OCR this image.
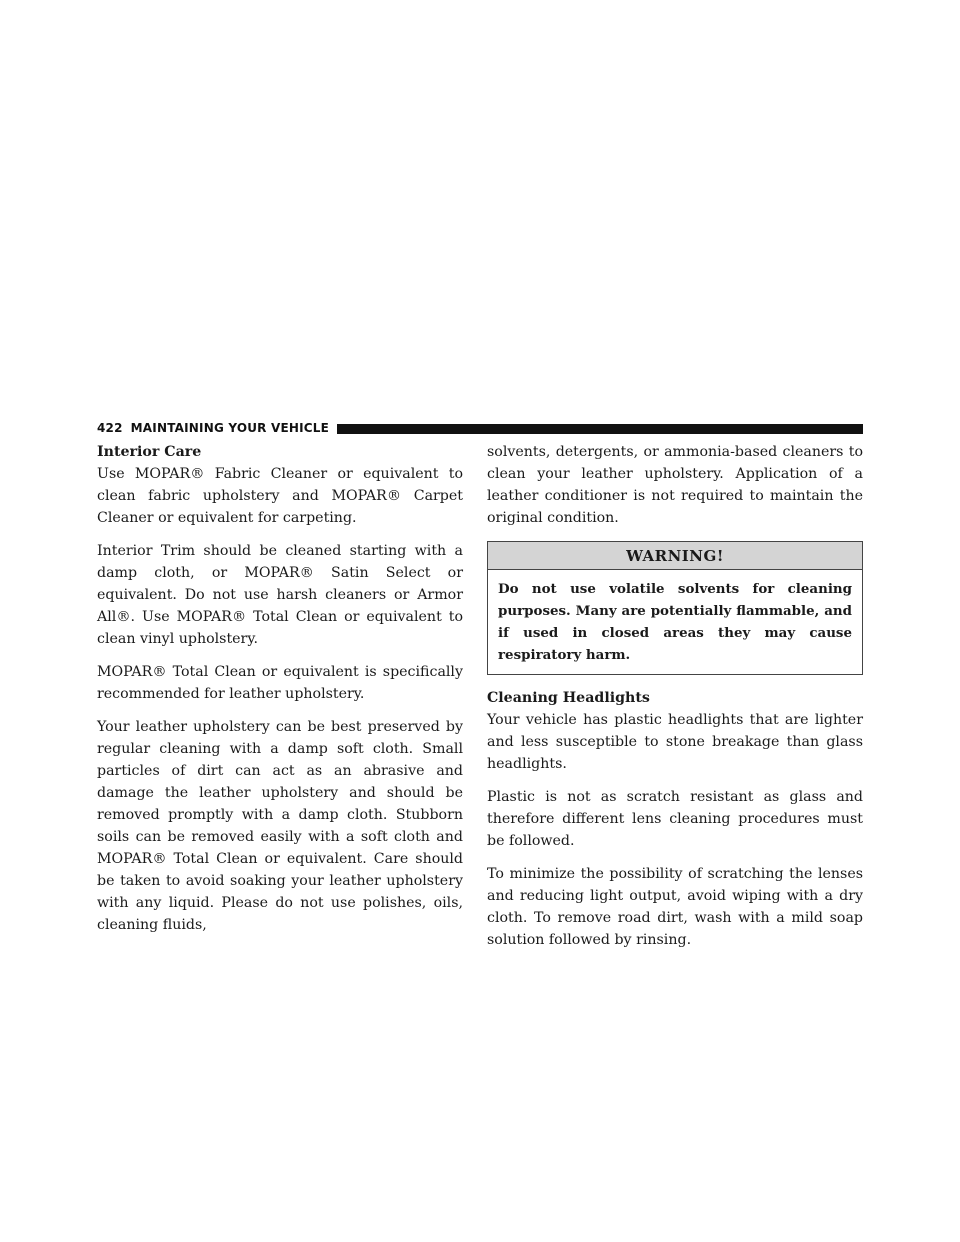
422 MAINTAINING YOUR VEHICLE
Interior Care

Use MOPAR® Fabric Cleaner or equivalent to clean fabric upholstery and MOPAR® Carpet Cleaner or equivalent for carpeting.

Interior Trim should be cleaned starting with a damp cloth, or MOPAR® Satin Select or equivalent. Do not use harsh cleaners or Armor All®. Use MOPAR® Total Clean or equivalent to clean vinyl upholstery.

MOPAR® Total Clean or equivalent is specifically recommended for leather upholstery.

Your leather upholstery can be best preserved by regular cleaning with a damp soft cloth. Small particles of dirt can act as an abrasive and damage the leather upholstery and should be removed promptly with a damp cloth. Stubborn soils can be removed easily with a soft cloth and MOPAR® Total Clean or equivalent. Care should be taken to avoid soaking your leather upholstery with any liquid. Please do not use polishes, oils, cleaning fluids,

solvents, detergents, or ammonia-based cleaners to clean your leather upholstery. Application of a leather conditioner is not required to maintain the original condition.

WARNING!
Do not use volatile solvents for cleaning purposes. Many are potentially flammable, and if used in closed areas they may cause respiratory harm.
Cleaning Headlights

Your vehicle has plastic headlights that are lighter and less susceptible to stone breakage than glass headlights.

Plastic is not as scratch resistant as glass and therefore different lens cleaning procedures must be followed.

To minimize the possibility of scratching the lenses and reducing light output, avoid wiping with a dry cloth. To remove road dirt, wash with a mild soap solution followed by rinsing.
